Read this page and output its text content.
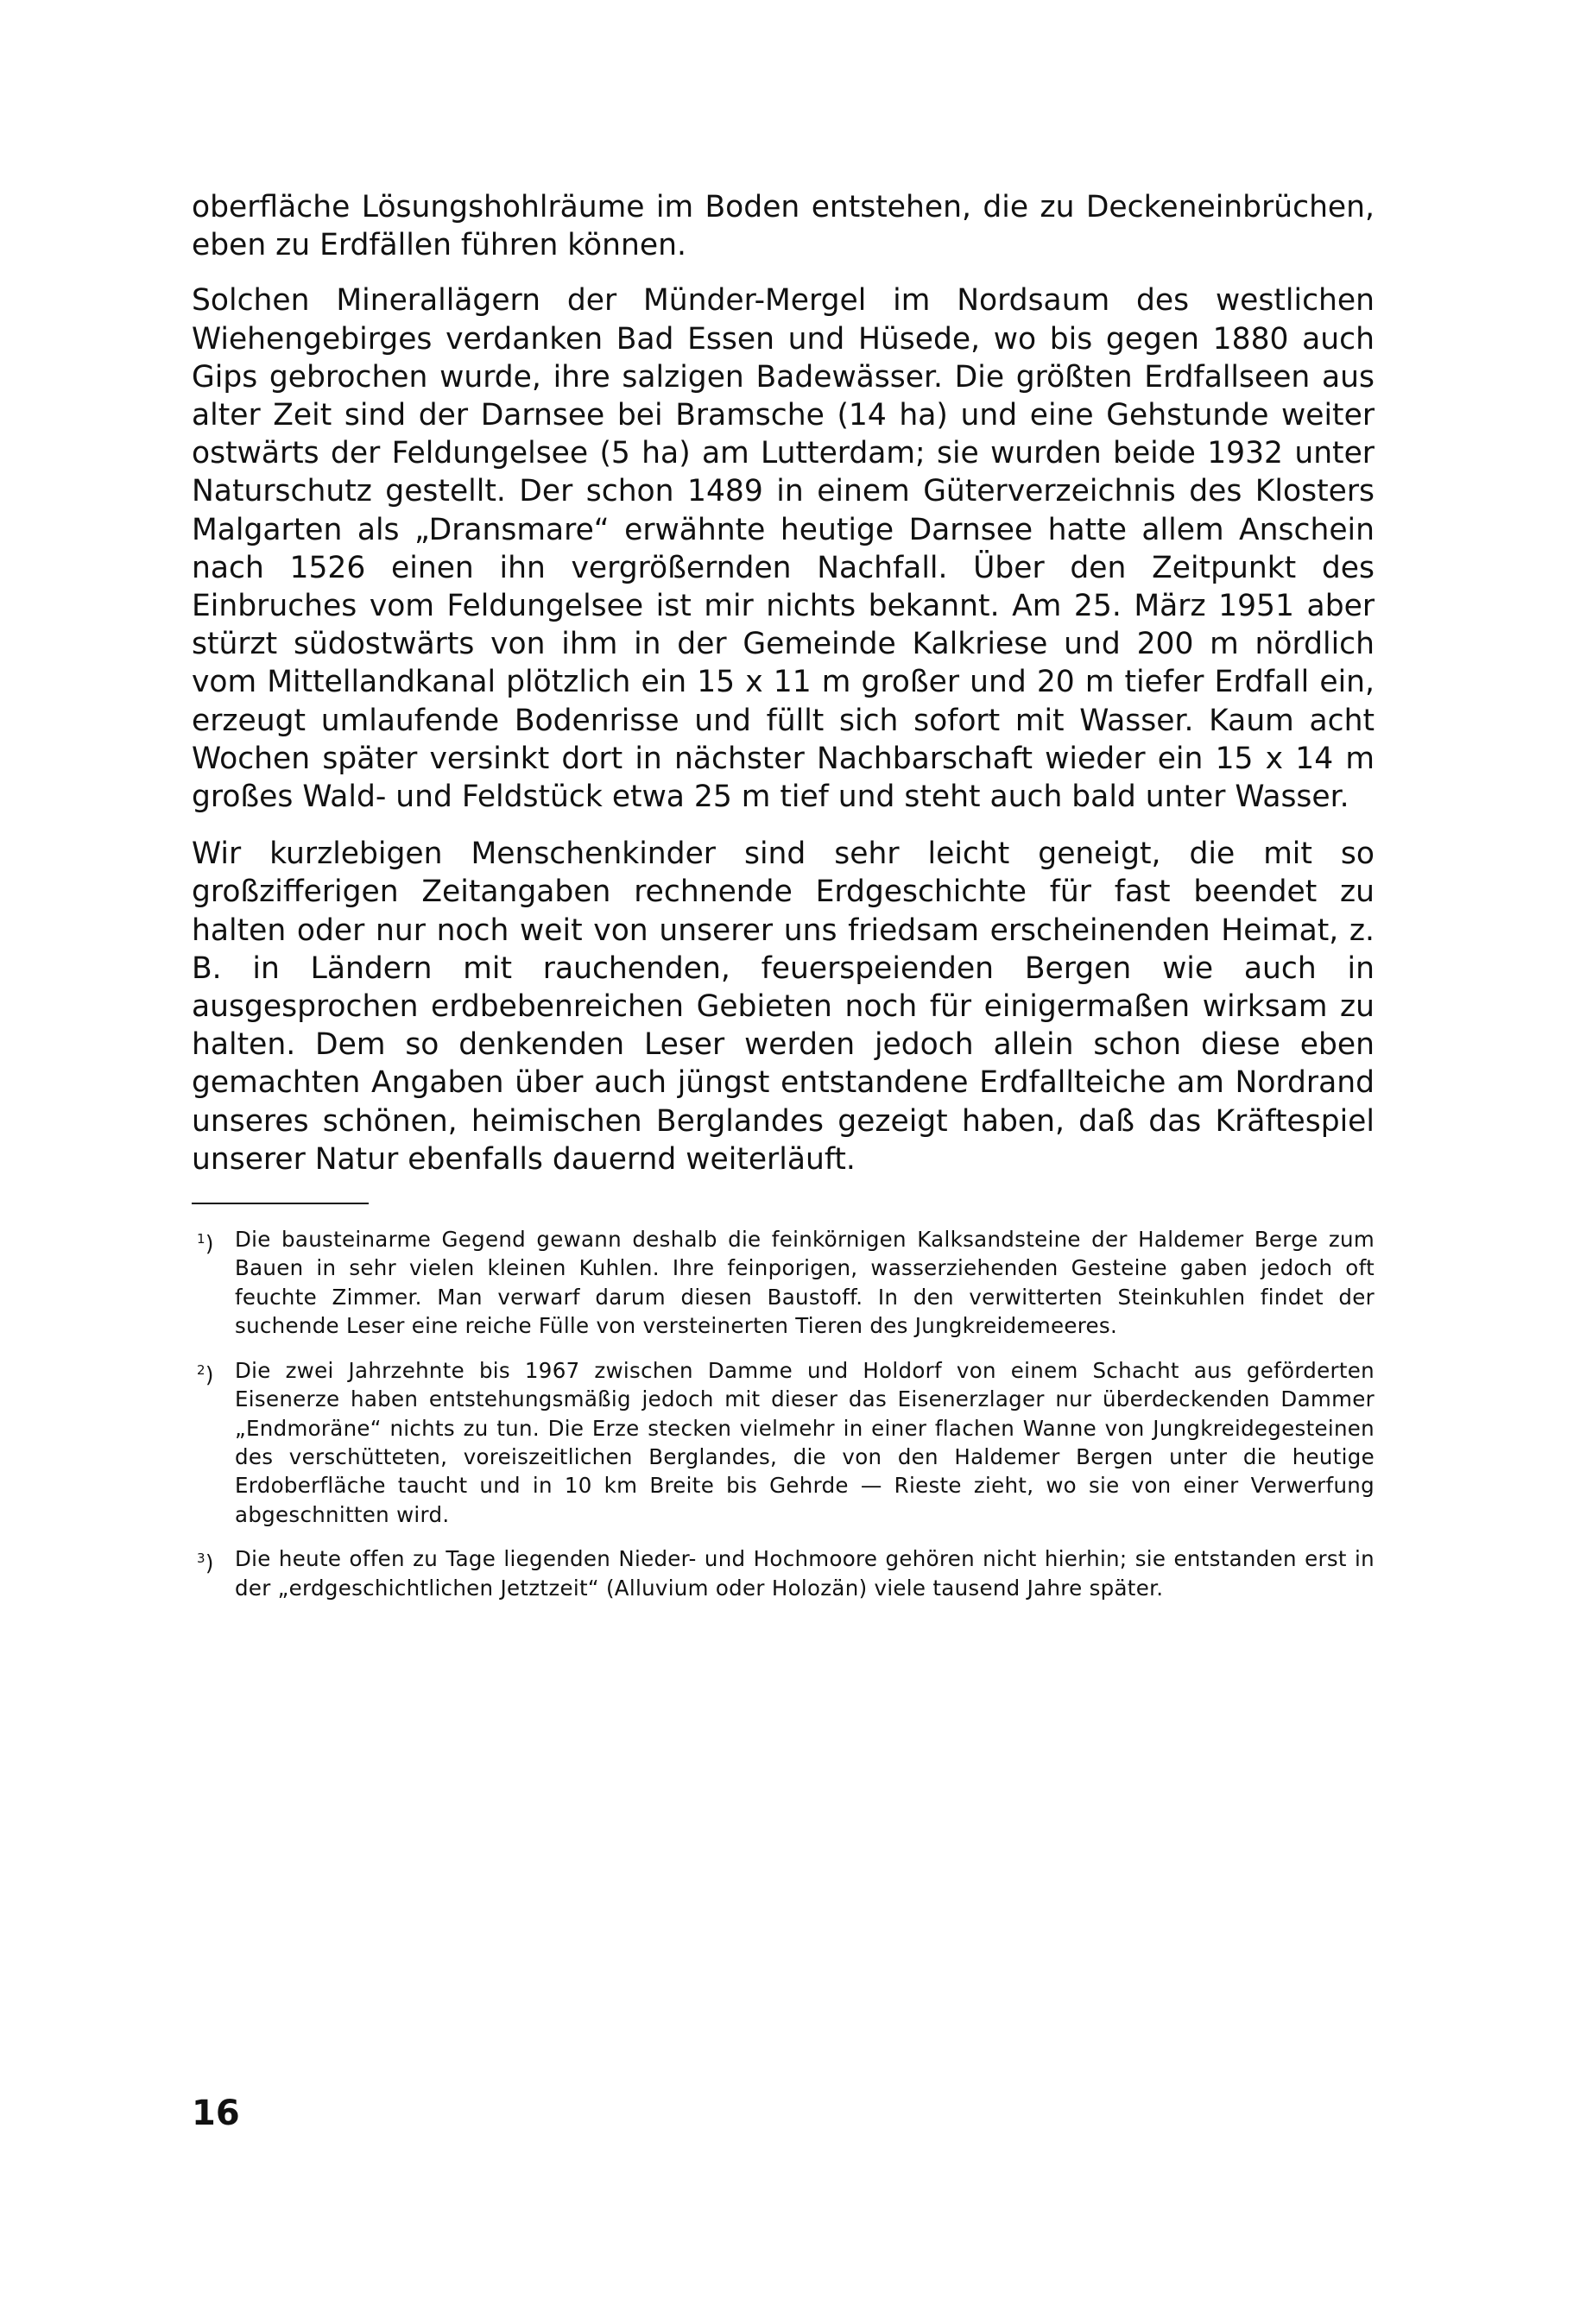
oberfläche Lösungshohlräume im Boden entstehen, die zu Deckeneinbrüchen, eben zu Erdfällen führen können.

Solchen Minerallägern der Münder-Mergel im Nordsaum des westlichen Wiehengebirges verdanken Bad Essen und Hüsede, wo bis gegen 1880 auch Gips gebrochen wurde, ihre salzigen Badewässer. Die größten Erdfallseen aus alter Zeit sind der Darnsee bei Bramsche (14 ha) und eine Gehstunde weiter ostwärts der Feldungelsee (5 ha) am Lutterdam; sie wurden beide 1932 unter Naturschutz gestellt. Der schon 1489 in einem Güterverzeichnis des Klosters Malgarten als „Dransmare“ erwähnte heutige Darnsee hatte allem Anschein nach 1526 einen ihn vergrößernden Nachfall. Über den Zeitpunkt des Einbruches vom Feldungelsee ist mir nichts bekannt. Am 25. März 1951 aber stürzt südostwärts von ihm in der Gemeinde Kalkriese und 200 m nördlich vom Mittellandkanal plötzlich ein 15 x 11 m großer und 20 m tiefer Erdfall ein, erzeugt umlaufende Bodenrisse und füllt sich sofort mit Wasser. Kaum acht Wochen später versinkt dort in nächster Nachbarschaft wieder ein 15 x 14 m großes Wald- und Feldstück etwa 25 m tief und steht auch bald unter Wasser.

Wir kurzlebigen Menschenkinder sind sehr leicht geneigt, die mit so großzifferigen Zeitangaben rechnende Erdgeschichte für fast beendet zu halten oder nur noch weit von unserer uns friedsam erscheinenden Heimat, z. B. in Ländern mit rauchenden, feuerspeienden Bergen wie auch in ausgesprochen erdbebenreichen Gebieten noch für einigermaßen wirksam zu halten. Dem so denkenden Leser werden jedoch allein schon diese eben gemachten Angaben über auch jüngst entstandene Erdfallteiche am Nordrand unseres schönen, heimischen Berglandes gezeigt haben, daß das Kräftespiel unserer Natur ebenfalls dauernd weiterläuft.

$^1$) Die bausteinarme Gegend gewann deshalb die feinkörnigen Kalksandsteine der Haldemer Berge zum Bauen in sehr vielen kleinen Kuhlen. Ihre feinporigen, wasserziehenden Gesteine gaben jedoch oft feuchte Zimmer. Man verwarf darum diesen Baustoff. In den verwitterten Steinkuhlen findet der suchende Leser eine reiche Fülle von versteinerten Tieren des Jungkreidemeeres.
$^2$) Die zwei Jahrzehnte bis 1967 zwischen Damme und Holdorf von einem Schacht aus geförderten Eisenerze haben entstehungsmäßig jedoch mit dieser das Eisenerzlager nur überdeckenden Dammer „Endmoräne“ nichts zu tun. Die Erze stecken vielmehr in einer flachen Wanne von Jungkreidegesteinen des verschütteten, voreiszeitlichen Berglandes, die von den Haldemer Bergen unter die heutige Erdoberfläche taucht und in 10 km Breite bis Gehrde — Rieste zieht, wo sie von einer Verwerfung abgeschnitten wird.
$^3$) Die heute offen zu Tage liegenden Nieder- und Hochmoore gehören nicht hierhin; sie entstanden erst in der „erdgeschichtlichen Jetztzeit“ (Alluvium oder Holozän) viele tausend Jahre später.
16
